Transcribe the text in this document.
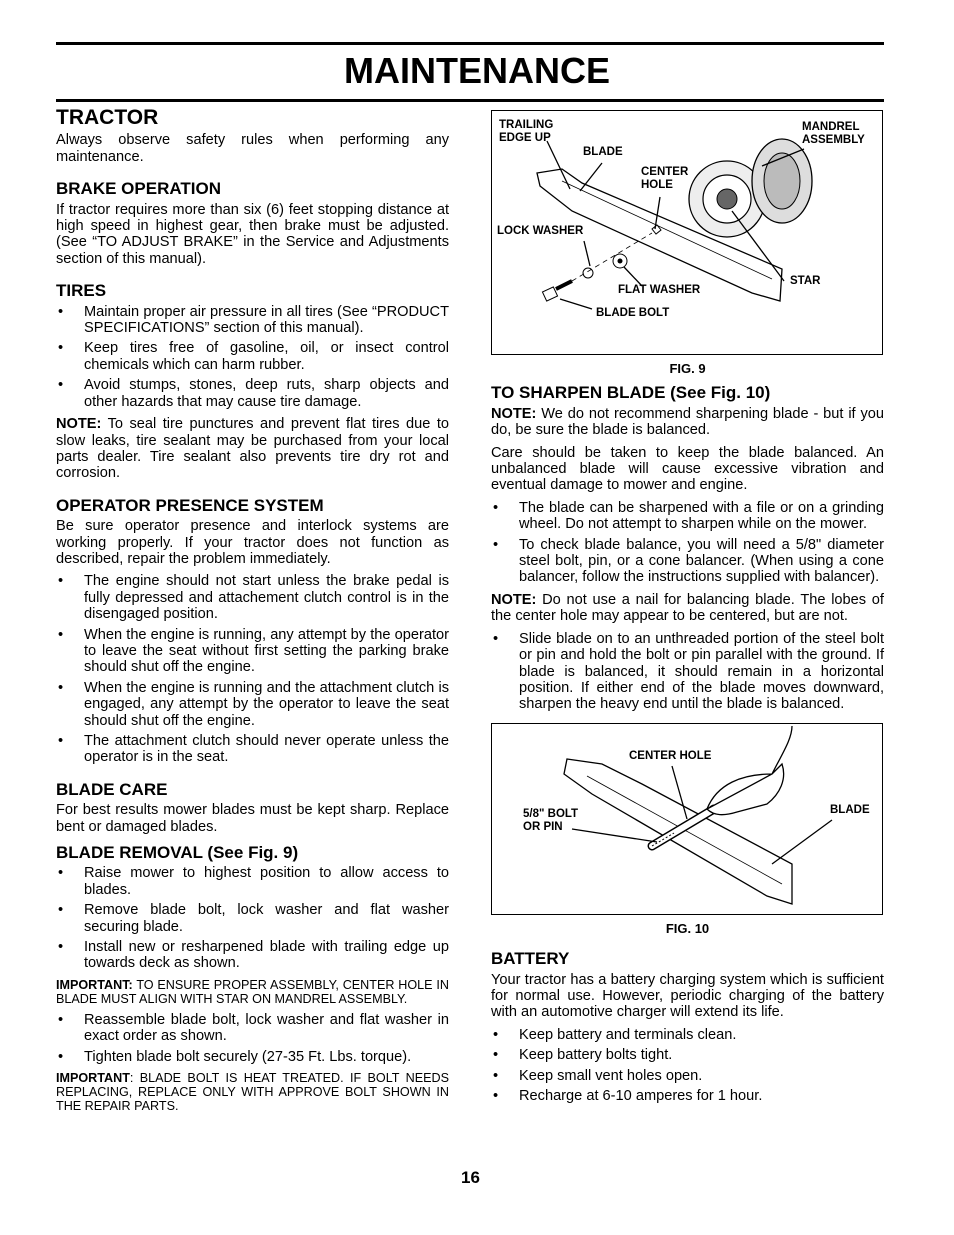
MAINTENANCE
TRACTOR

Always observe safety rules when performing any maintenance.

BRAKE OPERATION

If tractor requires more than six (6) feet stopping distance at high speed in highest gear, then brake must be adjusted. (See “TO ADJUST BRAKE” in the Service and Adjustments section of this manual).

TIRES
• Maintain proper air pressure in all tires (See “PRODUCT SPECIFICATIONS” section of this manual).
• Keep tires free of gasoline, oil, or insect control chemicals which can harm rubber.
• Avoid stumps, stones, deep ruts, sharp objects and other hazards that may cause tire damage.

NOTE: To seal tire punctures and prevent flat tires due to slow leaks, tire sealant may be purchased from your local parts dealer. Tire sealant also prevents tire dry rot and corrosion.

OPERATOR PRESENCE SYSTEM

Be sure operator presence and interlock systems are working properly. If your tractor does not function as described, repair the problem immediately.

• The engine should not start unless the brake pedal is fully depressed and attachement clutch control is in the disengaged position.
• When the engine is running, any attempt by the operator to leave the seat without first setting the parking brake should shut off the engine.
• When the engine is running and the attachment clutch is engaged, any attempt by the operator to leave the seat should shut off the engine.
• The attachment clutch should never operate unless the operator is in the seat.
BLADE CARE

For best results mower blades must be kept sharp. Replace bent or damaged blades.

BLADE REMOVAL (See Fig. 9)
• Raise mower to highest position to allow access to blades.
• Remove blade bolt, lock washer and flat washer securing blade.
• Install new or resharpened blade with trailing edge up towards deck as shown.

IMPORTANT: TO ENSURE PROPER ASSEMBLY, CENTER HOLE IN BLADE MUST ALIGN WITH STAR ON MANDREL ASSEMBLY.

• Reassemble blade bolt, lock washer and flat washer in exact order as shown.
• Tighten blade bolt securely (27-35 Ft. Lbs. torque).

IMPORTANT: BLADE BOLT IS HEAT TREATED. IF BOLT NEEDS REPLACING, REPLACE ONLY WITH APPROVE BOLT SHOWN IN THE REPAIR PARTS.

TRAILING
EDGE UP
BLADE
CENTER
HOLE
MANDREL
ASSEMBLY
LOCK WASHER
STAR
FLAT WASHER
BLADE BOLT
FIG. 9
TO SHARPEN BLADE (See Fig. 10)

NOTE: We do not recommend sharpening blade - but if you do, be sure the blade is balanced.

Care should be taken to keep the blade balanced. An unbalanced blade will cause excessive vibration and eventual damage to mower and engine.

• The blade can be sharpened with a file or on a grinding wheel. Do not attempt to sharpen while on the mower.
• To check blade balance, you will need a 5/8" diameter steel bolt, pin, or a cone balancer. (When using a cone balancer, follow the instructions supplied with balancer).

NOTE: Do not use a nail for balancing blade. The lobes of the center hole may appear to be centered, but are not.

• Slide blade on to an unthreaded portion of the steel bolt or pin and hold the bolt or pin parallel with the ground. If blade is balanced, it should remain in a horizontal position. If either end of the blade moves downward, sharpen the heavy end until the blade is balanced.
CENTER HOLE
5/8" BOLT
OR PIN
BLADE
FIG. 10
BATTERY

Your tractor has a battery charging system which is sufficient for normal use. However, periodic charging of the battery with an automotive charger will extend its life.

• Keep battery and terminals clean.
• Keep battery bolts tight.
• Keep small vent holes open.
• Recharge at 6-10 amperes for 1 hour.
16
